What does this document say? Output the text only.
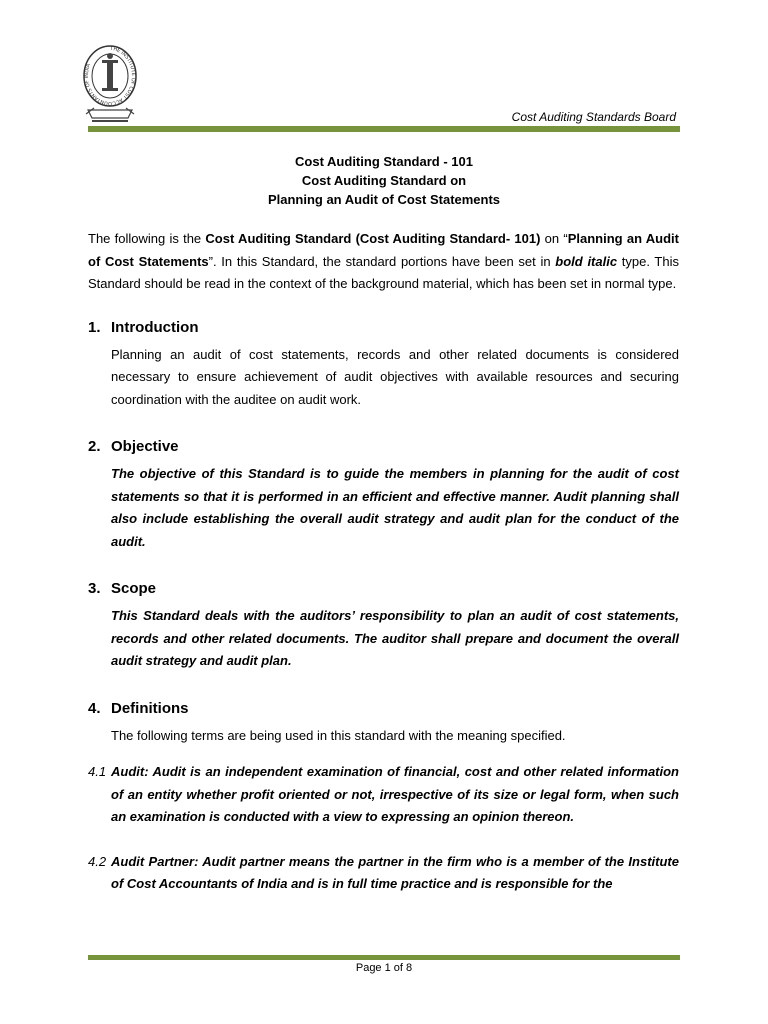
THE INSTITUTE OF COST ACCOUNTANTS OF INDIA
Cost Auditing Standards Board
Cost Auditing Standard - 101
Cost Auditing Standard on
Planning an Audit of Cost Statements

The following is the Cost Auditing Standard (Cost Auditing Standard- 101) on “Planning an Audit of Cost Statements”. In this Standard, the standard portions have been set in bold italic type. This Standard should be read in the context of the background material, which has been set in normal type.

1. Introduction

Planning an audit of cost statements, records and other related documents is considered necessary to ensure achievement of audit objectives with available resources and securing coordination with the auditee on audit work.

2. Objective

The objective of this Standard is to guide the members in planning for the audit of cost statements so that it is performed in an efficient and effective manner. Audit planning shall also include establishing the overall audit strategy and audit plan for the conduct of the audit.

3. Scope

This Standard deals with the auditors’ responsibility to plan an audit of cost statements, records and other related documents. The auditor shall prepare and document the overall audit strategy and audit plan.

4. Definitions

The following terms are being used in this standard with the meaning specified.

4.1 Audit: Audit is an independent examination of financial, cost and other related information of an entity whether profit oriented or not, irrespective of its size or legal form, when such an examination is conducted with a view to expressing an opinion thereon.
4.2 Audit Partner: Audit partner means the partner in the firm who is a member of the Institute of Cost Accountants of India and is in full time practice and is responsible for the
Page 1 of 8
